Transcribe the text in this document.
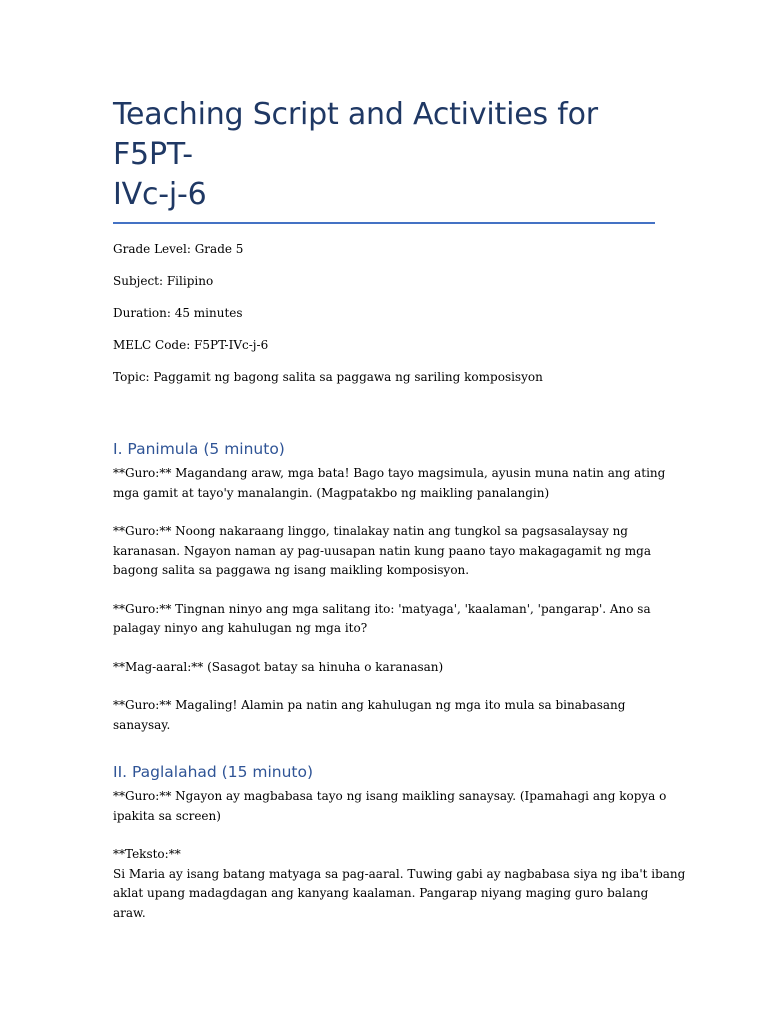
Teaching Script and Activities for F5PT-
IVc-j-6

Grade Level: Grade 5

Subject: Filipino

Duration: 45 minutes

MELC Code: F5PT-IVc-j-6

Topic: Paggamit ng bagong salita sa paggawa ng sariling komposisyon

I. Panimula (5 minuto)

**Guro:** Magandang araw, mga bata! Bago tayo magsimula, ayusin muna natin ang ating
mga gamit at tayo'y manalangin. (Magpatakbo ng maikling panalangin)

**Guro:** Noong nakaraang linggo, tinalakay natin ang tungkol sa pagsasalaysay ng
karanasan. Ngayon naman ay pag-uusapan natin kung paano tayo makagagamit ng mga
bagong salita sa paggawa ng isang maikling komposisyon.

**Guro:** Tingnan ninyo ang mga salitang ito: 'matyaga', 'kaalaman', 'pangarap'. Ano sa
palagay ninyo ang kahulugan ng mga ito?

**Mag-aaral:** (Sasagot batay sa hinuha o karanasan)

**Guro:** Magaling! Alamin pa natin ang kahulugan ng mga ito mula sa binabasang
sanaysay.

II. Paglalahad (15 minuto)

**Guro:** Ngayon ay magbabasa tayo ng isang maikling sanaysay. (Ipamahagi ang kopya o
ipakita sa screen)

**Teksto:**
Si Maria ay isang batang matyaga sa pag-aaral. Tuwing gabi ay nagbabasa siya ng iba't ibang
aklat upang madagdagan ang kanyang kaalaman. Pangarap niyang maging guro balang
araw.
